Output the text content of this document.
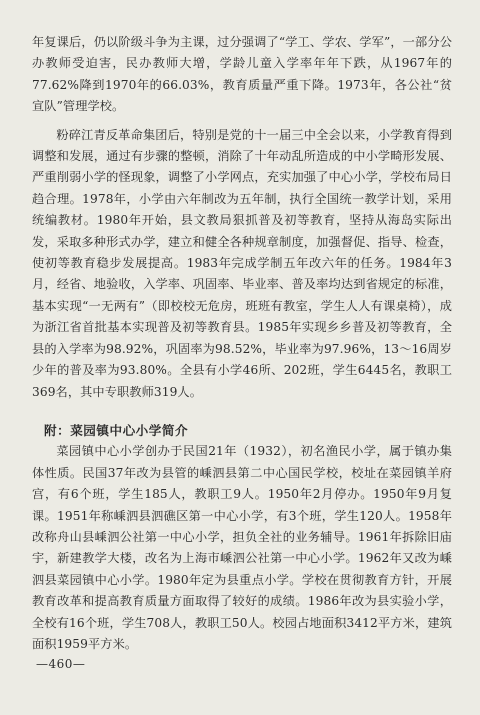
年复课后，仍以阶级斗争为主课，过分强调了“学工、学农、学军”，一部分公办教师受迫害，民办教师大增，学龄儿童入学率年年下跌，从1967年的77.62%降到1970年的66.03%，教育质量严重下降。1973年，各公社“贫宣队”管理学校。

粉碎江青反革命集团后，特别是党的十一届三中全会以来，小学教育得到调整和发展，通过有步骤的整顿，消除了十年动乱所造成的中小学畸形发展、严重削弱小学的怪现象，调整了小学网点，充实加强了中心小学，学校布局日趋合理。1978年，小学由六年制改为五年制，执行全国统一教学计划，采用统编教材。1980年开始，县文教局狠抓普及初等教育，坚持从海岛实际出发，采取多种形式办学，建立和健全各种规章制度，加强督促、指导、检查，使初等教育稳步发展提高。1983年完成学制五年改六年的任务。1984年3月，经省、地验收，入学率、巩固率、毕业率、普及率均达到省规定的标准，基本实现“一无两有”（即校校无危房，班班有教室，学生人人有课桌椅），成为浙江省首批基本实现普及初等教育县。1985年实现乡乡普及初等教育，全县的入学率为98.92%，巩固率为98.52%，毕业率为97.96%，13～16周岁少年的普及率为93.80%。全县有小学46所、202班，学生6445名，教职工369名，其中专职教师319人。

附：菜园镇中心小学简介

菜园镇中心小学创办于民国21年（1932），初名渔民小学，属于镇办集体性质。民国37年改为县管的嵊泗县第二中心国民学校，校址在菜园镇羊府宫，有6个班，学生185人，教职工9人。1950年2月停办。1950年9月复课。1951年称嵊泗县泗礁区第一中心小学，有3个班，学生120人。1958年改称舟山县嵊泗公社第一中心小学，担负全社的业务辅导。1961年拆除旧庙宇，新建教学大楼，改名为上海市嵊泗公社第一中心小学。1962年又改为嵊泗县菜园镇中心小学。1980年定为县重点小学。学校在贯彻教育方针，开展教育改革和提高教育质量方面取得了较好的成绩。1986年改为县实验小学，全校有16个班，学生708人，教职工50人。校园占地面积3412平方米，建筑面积1959平方米。

—460—
